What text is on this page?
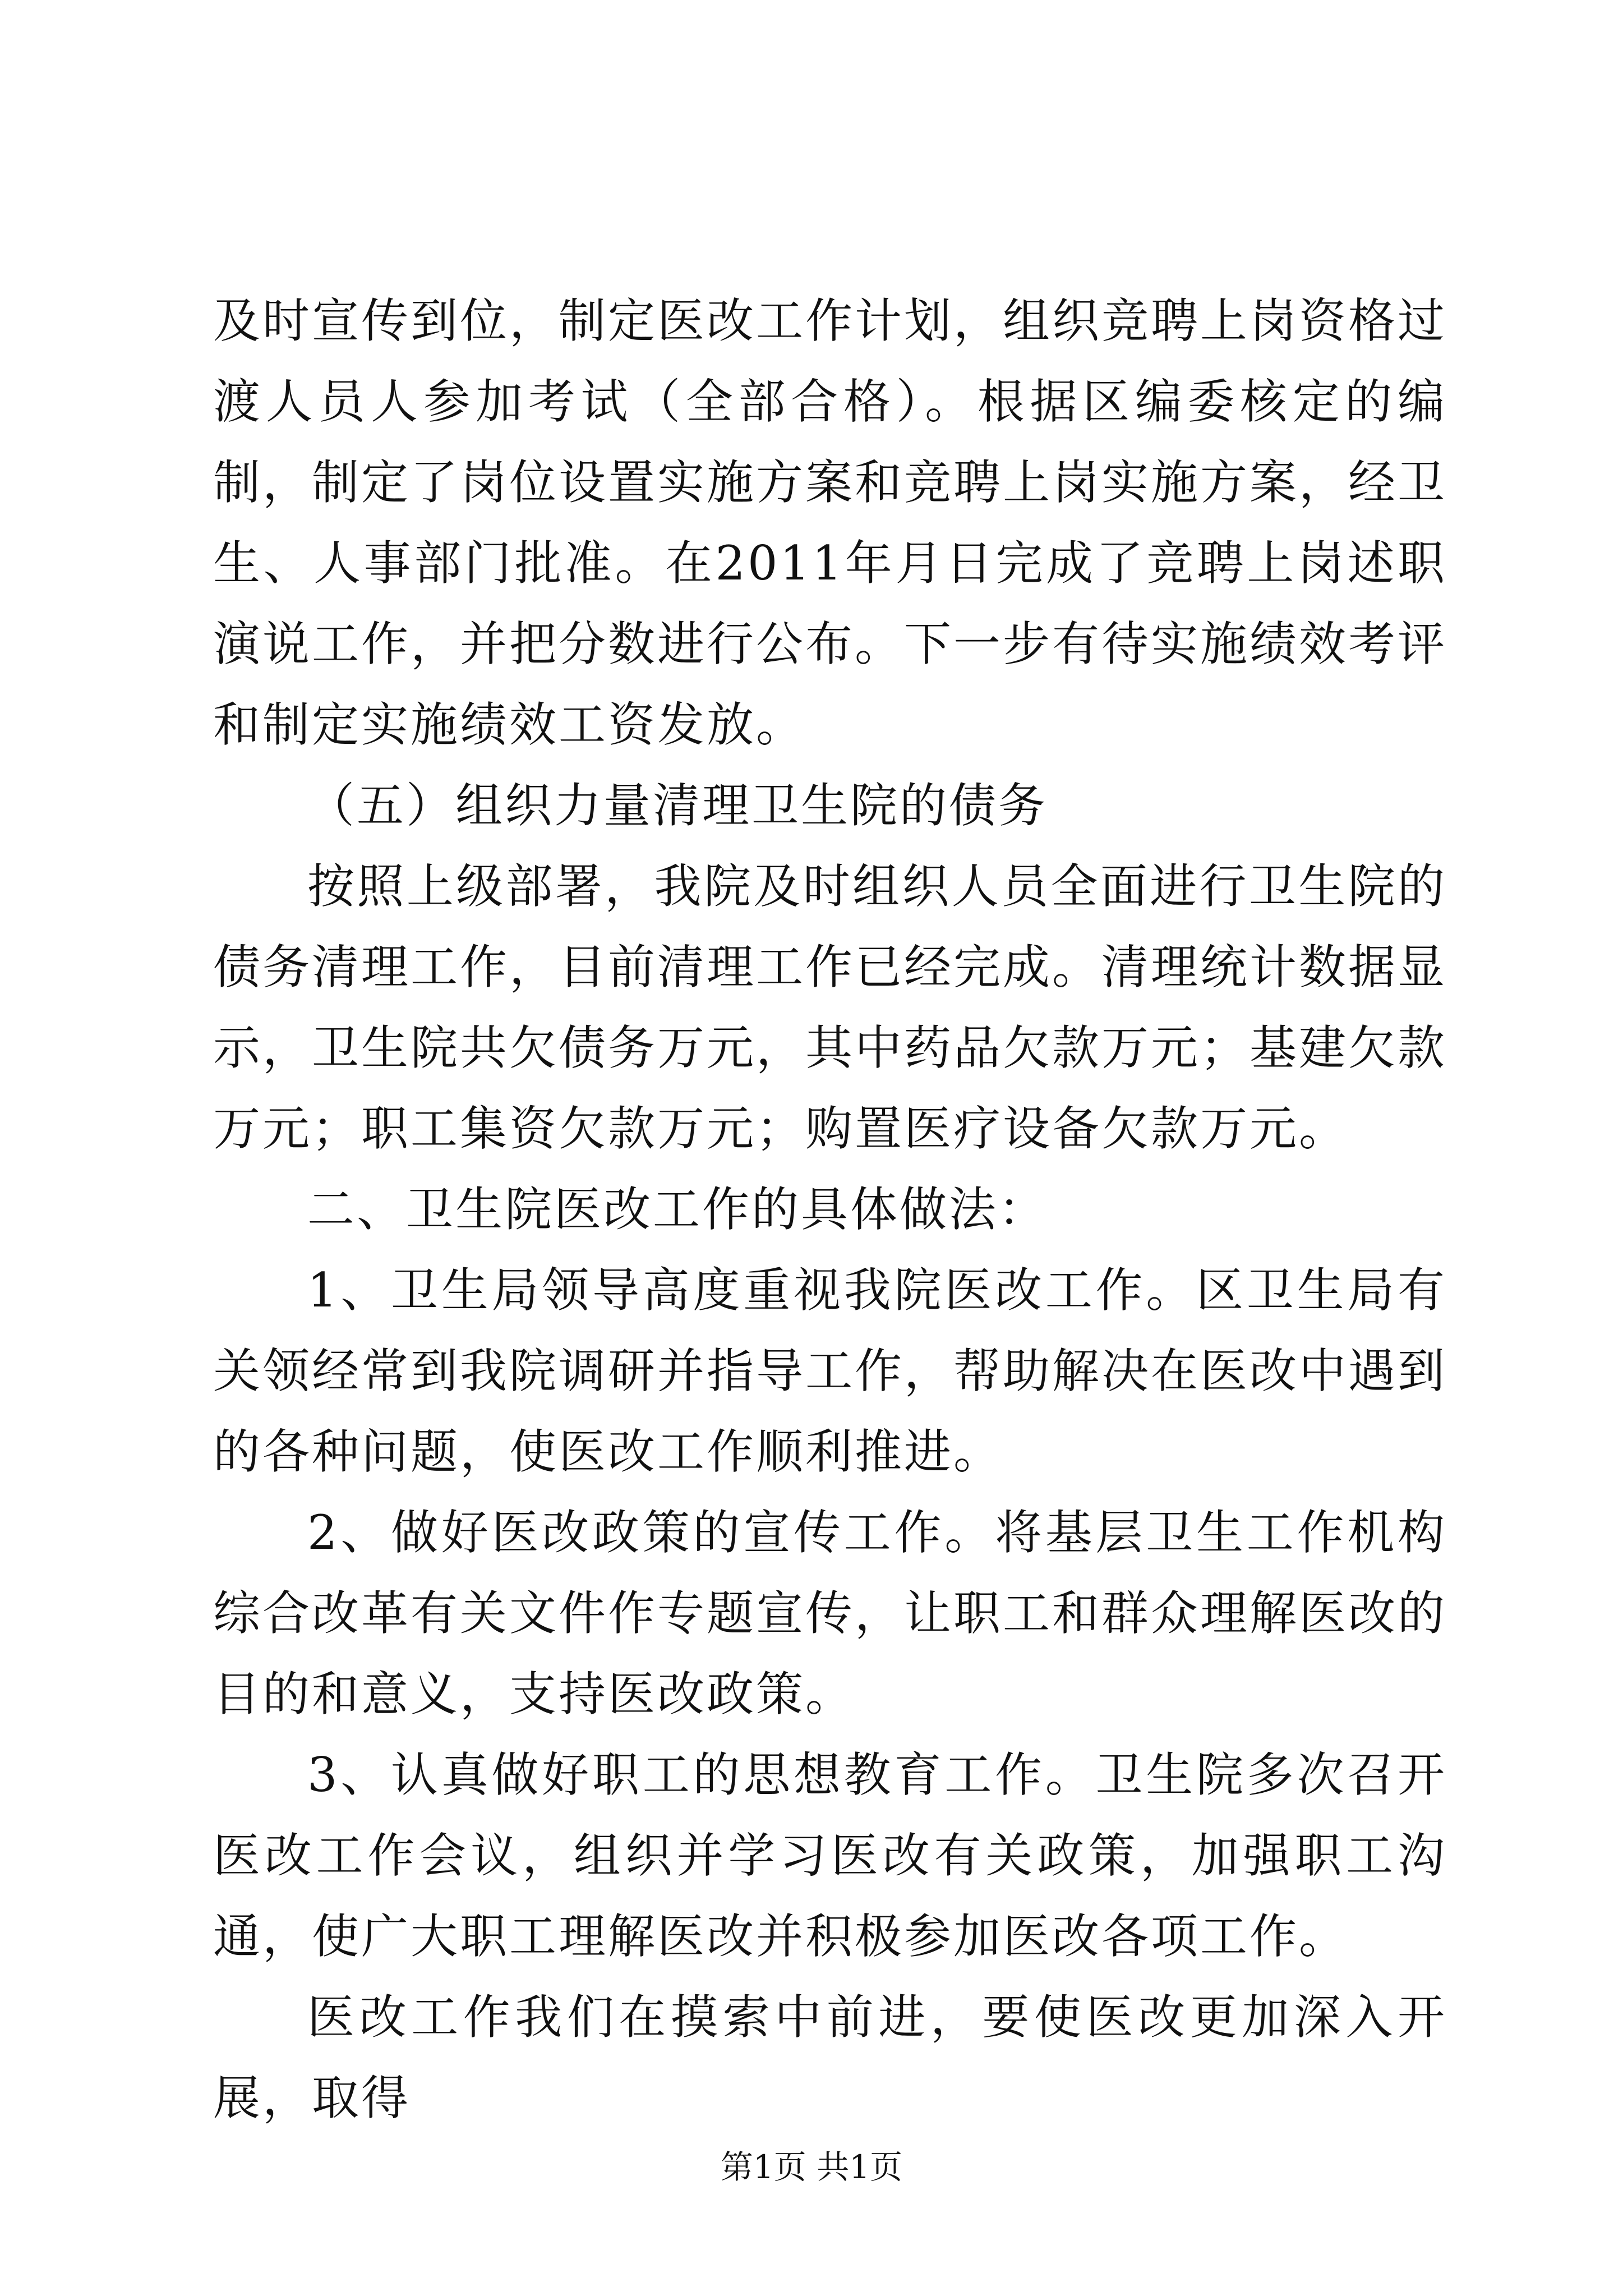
及时宣传到位，制定医改工作计划，组织竞聘上岗资格过渡人员人参加考试（全部合格）。根据区编委核定的编制，制定了岗位设置实施方案和竞聘上岗实施方案，经卫生、人事部门批准。在2011年月日完成了竞聘上岗述职演说工作，并把分数进行公布。下一步有待实施绩效考评和制定实施绩效工资发放。

（五）组织力量清理卫生院的债务

按照上级部署，我院及时组织人员全面进行卫生院的债务清理工作，目前清理工作已经完成。清理统计数据显示，卫生院共欠债务万元，其中药品欠款万元；基建欠款万元；职工集资欠款万元；购置医疗设备欠款万元。

二、卫生院医改工作的具体做法：

1、卫生局领导高度重视我院医改工作。区卫生局有关领经常到我院调研并指导工作，帮助解决在医改中遇到的各种问题，使医改工作顺利推进。

2、做好医改政策的宣传工作。将基层卫生工作机构综合改革有关文件作专题宣传，让职工和群众理解医改的目的和意义，支持医改政策。

3、认真做好职工的思想教育工作。卫生院多次召开医改工作会议，组织并学习医改有关政策，加强职工沟通，使广大职工理解医改并积极参加医改各项工作。

医改工作我们在摸索中前进，要使医改更加深入开展，取得

第1页 共1页
